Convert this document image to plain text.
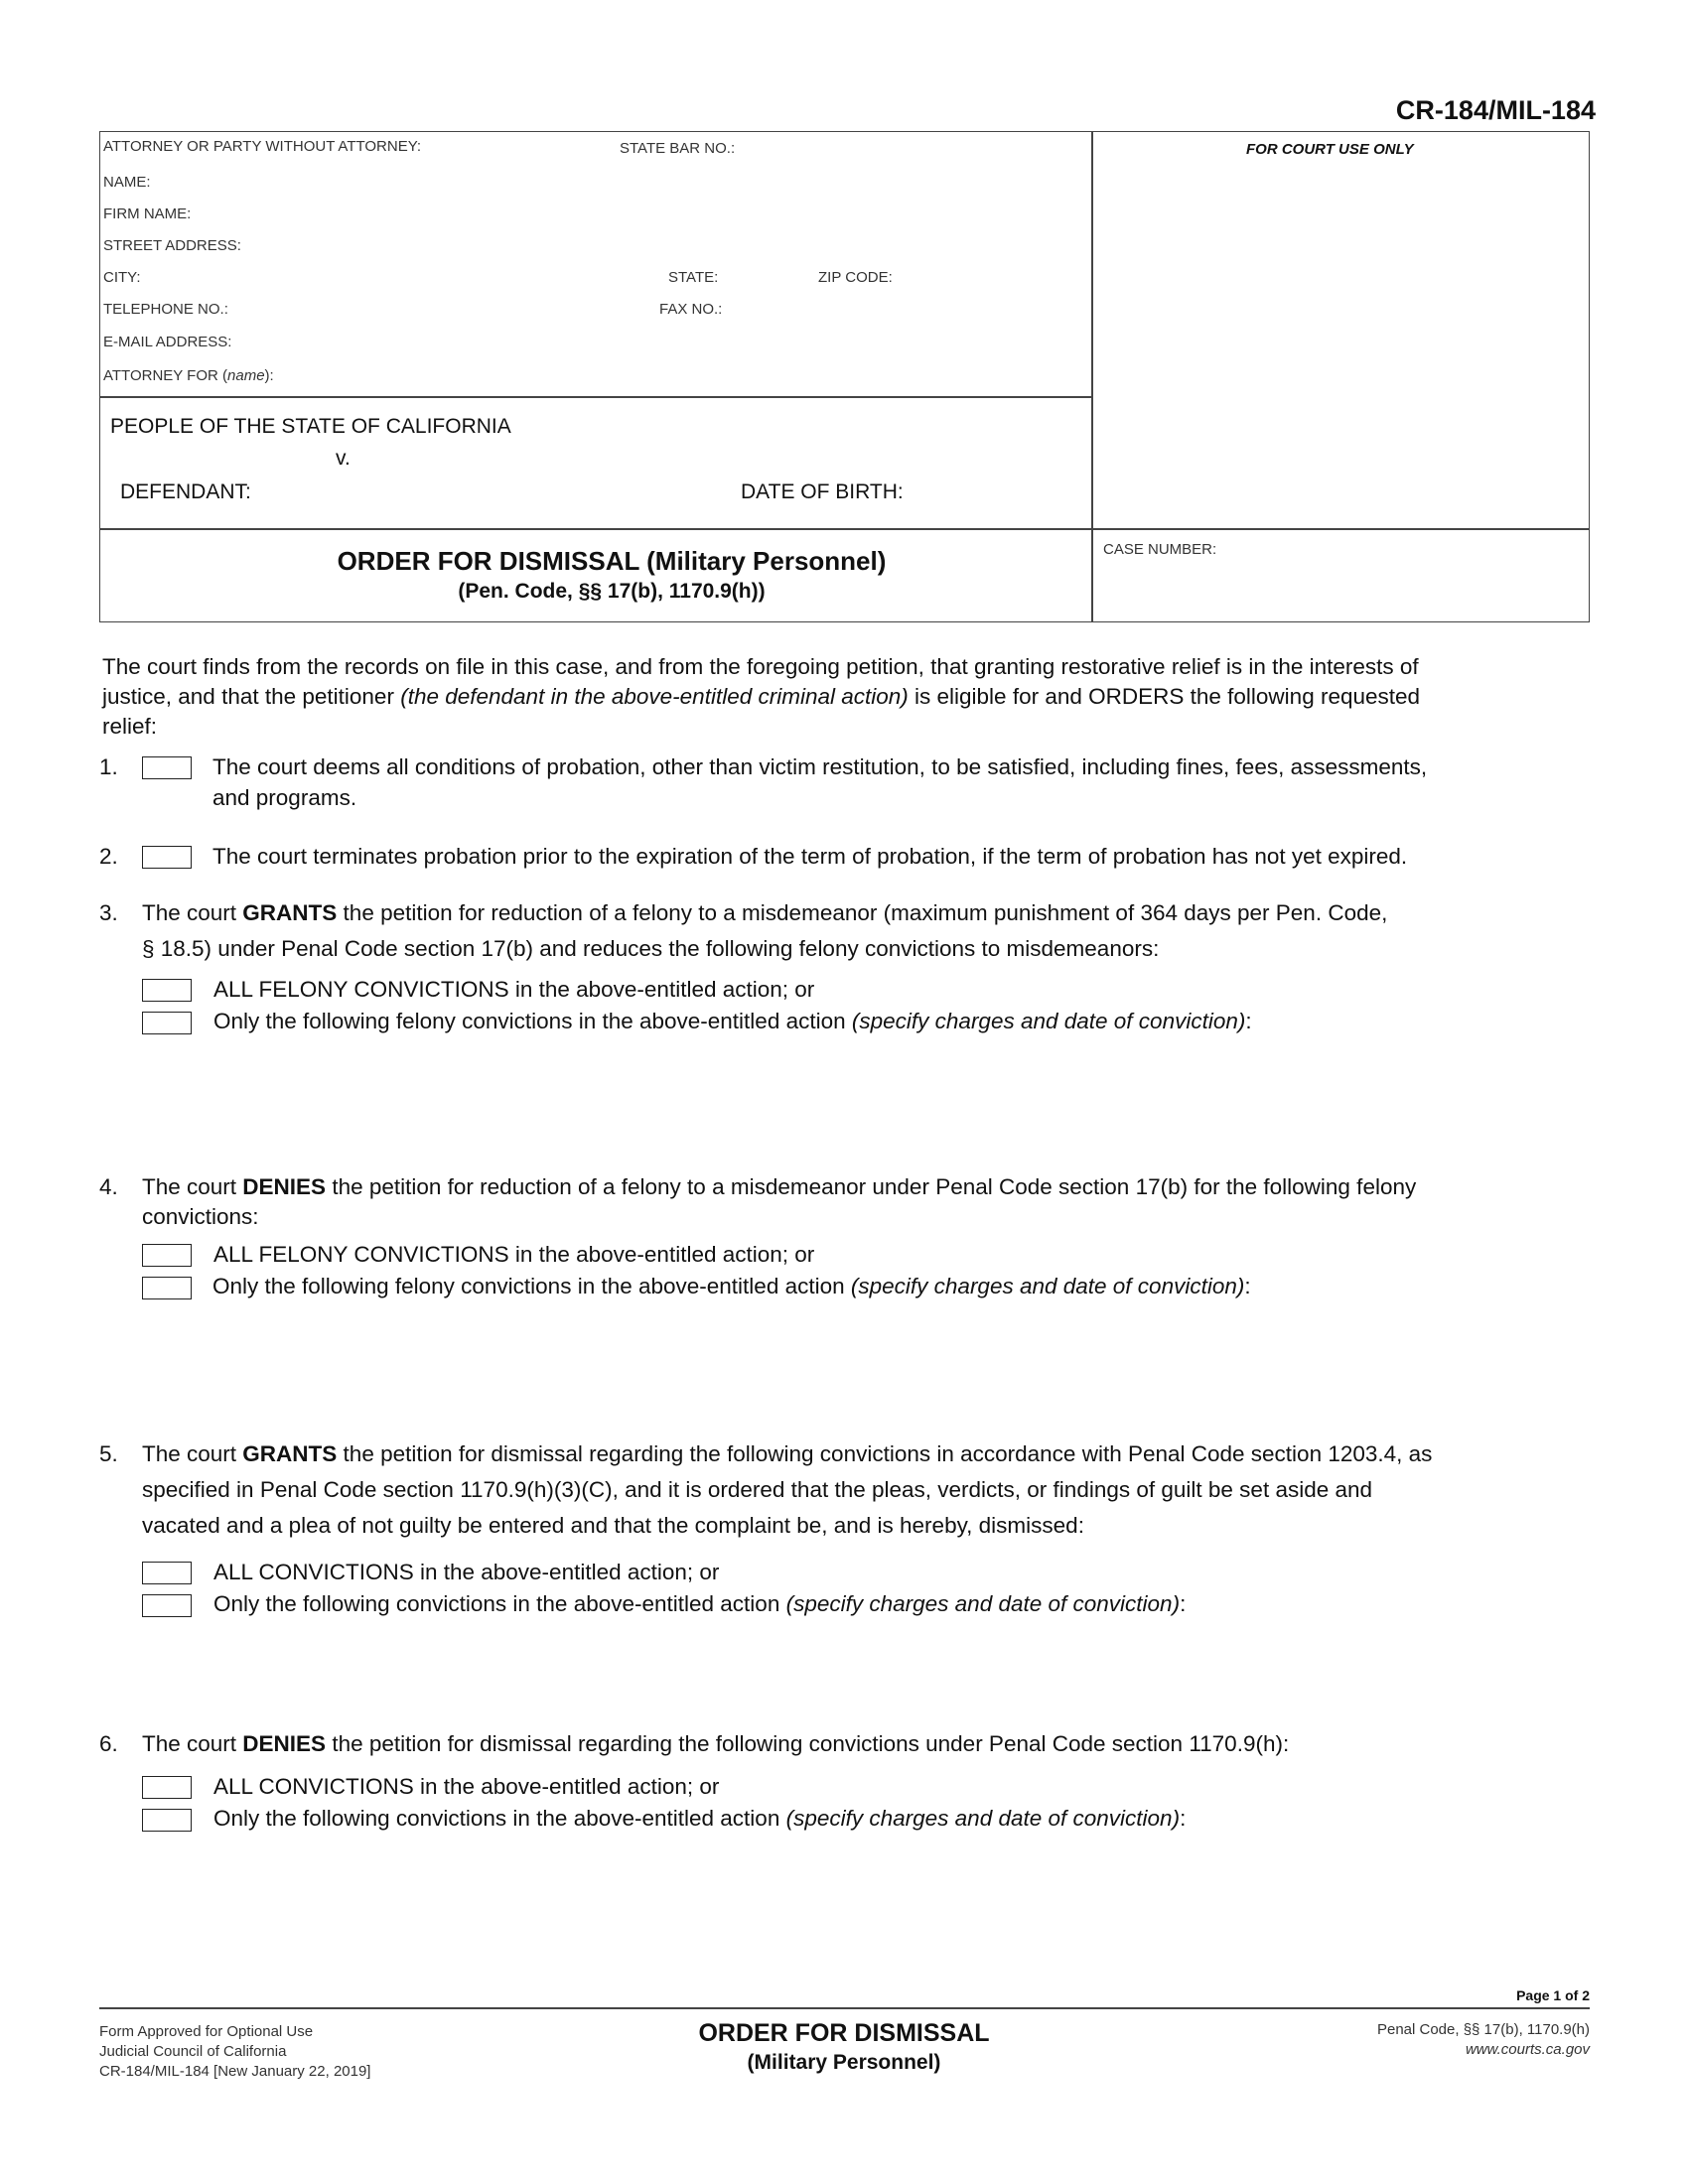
CR-184/MIL-184
ATTORNEY OR PARTY WITHOUT ATTORNEY:	STATE BAR NO.:
NAME:
FIRM NAME:
STREET ADDRESS:
CITY:	STATE:	ZIP CODE:
TELEPHONE NO.:	FAX NO.:
E-MAIL ADDRESS:
ATTORNEY FOR (name):
FOR COURT USE ONLY
PEOPLE OF THE STATE OF CALIFORNIA
v.
DEFENDANT:	DATE OF BIRTH:
ORDER FOR DISMISSAL (Military Personnel)
(Pen. Code, §§ 17(b), 1170.9(h))
CASE NUMBER:
The court finds from the records on file in this case, and from the foregoing petition, that granting restorative relief is in the interests of
justice, and that the petitioner (the defendant in the above-entitled criminal action) is eligible for and ORDERS the following requested
relief:
1.	The court deems all conditions of probation, other than victim restitution, to be satisfied, including fines, fees, assessments,
and programs.
2.	The court terminates probation prior to the expiration of the term of probation, if the term of probation has not yet expired.
3. The court GRANTS the petition for reduction of a felony to a misdemeanor (maximum punishment of 364 days per Pen. Code,
§ 18.5) under Penal Code section 17(b) and reduces the following felony convictions to misdemeanors:
ALL FELONY CONVICTIONS in the above-entitled action; or
Only the following felony convictions in the above-entitled action (specify charges and date of conviction):
4. The court DENIES the petition for reduction of a felony to a misdemeanor under Penal Code section 17(b) for the following felony
convictions:
ALL FELONY CONVICTIONS in the above-entitled action; or
Only the following felony convictions in the above-entitled action (specify charges and date of conviction):
5. The court GRANTS the petition for dismissal regarding the following convictions in accordance with Penal Code section 1203.4, as
specified in Penal Code section 1170.9(h)(3)(C), and it is ordered that the pleas, verdicts, or findings of guilt be set aside and
vacated and a plea of not guilty be entered and that the complaint be, and is hereby, dismissed:
ALL CONVICTIONS in the above-entitled action; or
Only the following convictions in the above-entitled action (specify charges and date of conviction):
6. The court DENIES the petition for dismissal regarding the following convictions under Penal Code section 1170.9(h):
ALL CONVICTIONS in the above-entitled action; or
Only the following convictions in the above-entitled action (specify charges and date of conviction):
Page 1 of 2
Form Approved for Optional Use
Judicial Council of California
CR-184/MIL-184 [New January 22, 2019]
ORDER FOR DISMISSAL
(Military Personnel)
Penal Code, §§ 17(b), 1170.9(h)
www.courts.ca.gov
